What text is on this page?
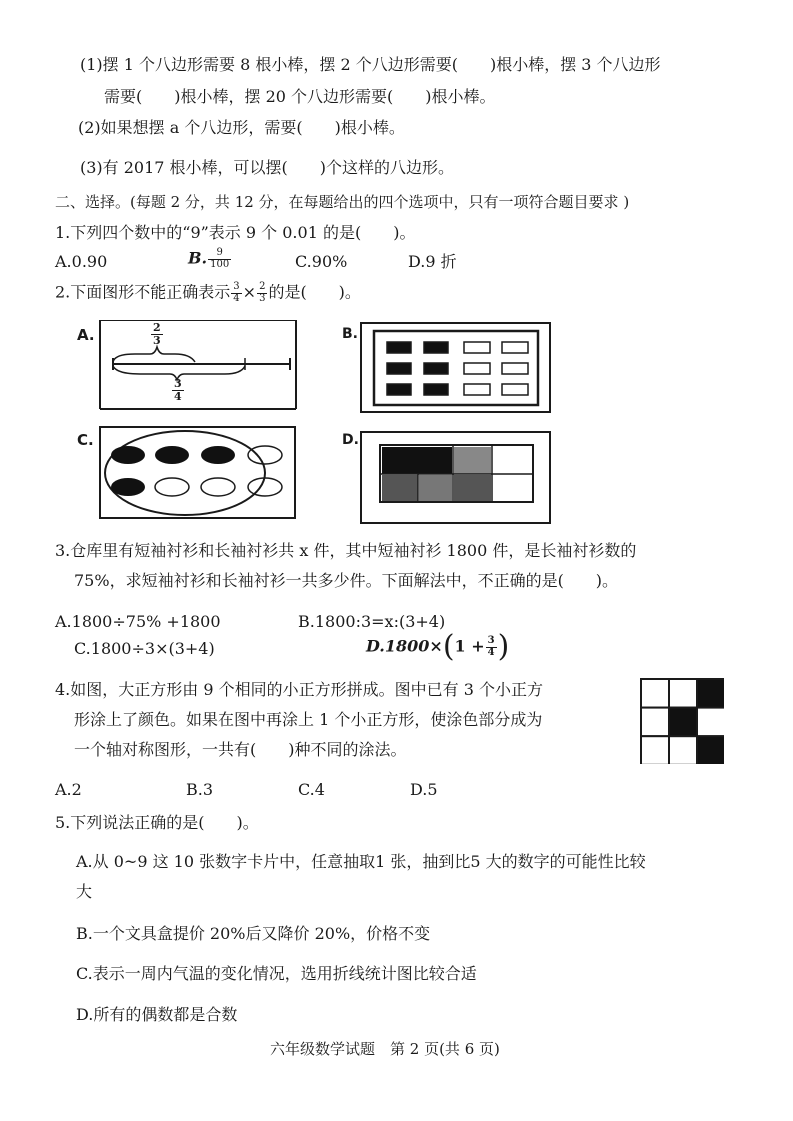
(1)摆 1 个八边形需要 8 根小棒，摆 2 个八边形需要(　　)根小棒，摆 3 个八边形
需要(　　)根小棒，摆 20 个八边形需要(　　)根小棒。
(2)如果想摆 a 个八边形，需要(　　)根小棒。
(3)有 2017 根小棒，可以摆(　　)个这样的八边形。
二、选择。(每题 2 分，共 12 分，在每题给出的四个选项中，只有一项符合题目要求 )
1.下列四个数中的“9”表示 9 个 0.01 的是(　　)。
A.0.90	B. $\frac{9}{100}$	C.90%	D.9 折
2.下面图形不能正确表示 $\frac{3}{4} \times \frac{2}{3}$ 的是(　　)。
A.	$\frac{2}{3}$
$\frac{3}{4}$
B.
C.	D.
3.仓库里有短袖衬衫和长袖衬衫共 x 件，其中短袖衬衫 1800 件，是长袖衬衫数的
75%，求短袖衬衫和长袖衬衫一共多少件。下面解法中，不正确的是(　　)。
A.1800÷75% +1800	B.1800:3=x:(3+4)
C.1800÷3×(3+4)	$D.1800\times(1 + \frac{3}{4}$ )
4.如图，大正方形由 9 个相同的小正方形拼成。图中已有 3 个小正方
形涂上了颜色。如果在图中再涂上 1 个小正方形，使涂色部分成为
一个轴对称图形，一共有(　　)种不同的涂法。
A.2	B.3	C.4	D.5
5.下列说法正确的是(　　)。
A.从 0~9 这 10 张数字卡片中，任意抽取1 张，抽到比5 大的数字的可能性比较
大
B.一个文具盒提价 20%后又降价 20%，价格不变
C.表示一周内气温的变化情况，选用折线统计图比较合适
D.所有的偶数都是合数
六年级数学试题　第 2 页(共 6 页)
